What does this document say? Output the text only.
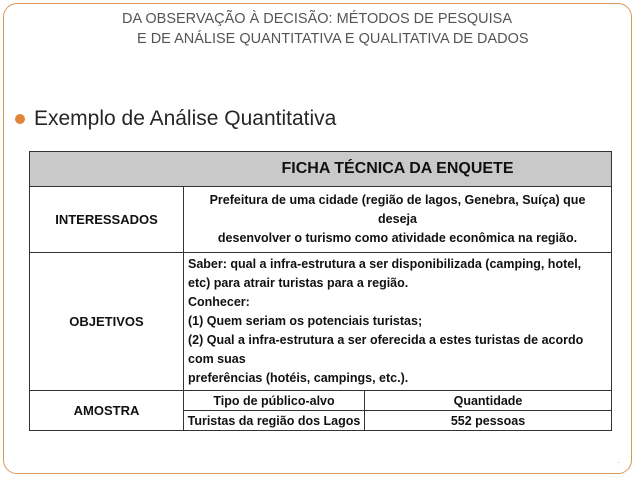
DA OBSERVAÇÃO À DECISÃO: MÉTODOS DE PESQUISA
E DE ANÁLISE QUANTITATIVA E QUALITATIVA DE DADOS
Exemplo de Análise Quantitativa
FICHA TÉCNICA DA ENQUETE
INTERESSADOS	
Prefeitura de uma cidade (região de lagos, Genebra, Suíça) que
deseja
desenvolver o turismo como atividade econômica na região.

OBJETIVOS	
Saber: qual a infra-estrutura a ser disponibilizada (camping, hotel,
etc) para atrair turistas para a região.
Conhecer:
(1) Quem seriam os potenciais turistas;
(2) Qual a infra-estrutura a ser oferecida a estes turistas de acordo
com suas
preferências (hotéis, campings, etc.).

AMOSTRA	
Tipo de público-alvo	Quantidade
Turistas da região dos Lagos	552 pessoas
·
